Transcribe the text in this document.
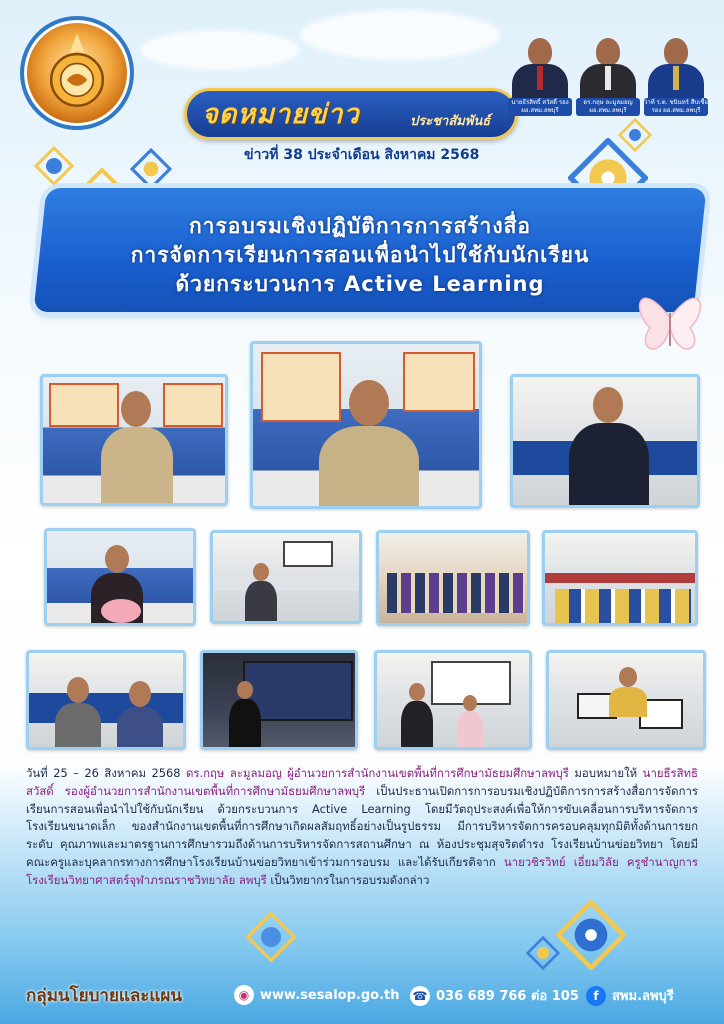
จดหมายข่าว	ประชาสัมพันธ์
ข่าวที่ 38 ประจำเดือน สิงหาคม 2568
นายธีรสิทธิ์ สวัสดิ์ รอง ผอ.สพม.ลพบุรี
ดร.กฤษ ละมูลมอญ ผอ.สพม.ลพบุรี
ว่าที่ ร.ต. ชนินทร์ สืบเชื้อ รอง ผอ.สพม.ลพบุรี
การอบรมเชิงปฏิบัติการการสร้างสื่อ
การจัดการเรียนการสอนเพื่อนำไปใช้กับนักเรียน
ด้วยกระบวนการ Active Learning
วันที่ 25 – 26 สิงหาคม 2568 ดร.กฤษ ละมูลมอญ ผู้อำนวยการสำนักงานเขตพื้นที่การศึกษามัธยมศึกษาลพบุรี มอบหมายให้ นายธีรสิทธิ สวัสดิ์ รองผู้อำนวยการสำนักงานเขตพื้นที่การศึกษามัธยมศึกษาลพบุรี เป็นประธานเปิดการการอบรมเชิงปฏิบัติการการสร้างสื่อการจัดการเรียนการสอนเพื่อนำไปใช้กับนักเรียน ด้วยกระบวนการ Active Learning โดยมีวัตถุประสงค์เพื่อให้การขับเคลื่อนการบริหารจัดการโรงเรียนขนาดเล็ก ของสำนักงานเขตพื้นที่การศึกษาเกิดผลสัมฤทธิ์อย่างเป็นรูปธรรม มีการบริหารจัดการครอบคลุมทุกมิติทั้งด้านการยกระดับ คุณภาพและมาตรฐานการศึกษารวมถึงด้านการบริหารจัดการสถานศึกษา ณ ห้องประชุมสุจริตดำรง โรงเรียนบ้านข่อยวิทยา โดยมีคณะครูและบุคลากรทางการศึกษาโรงเรียนบ้านข่อยวิทยาเข้าร่วมการอบรม และได้รับเกียรติจาก นายวชิรวิทย์ เอี่ยมวิลัย ครูชำนาญการ โรงเรียนวิทยาศาสตร์จุฬาภรณราชวิทยาลัย ลพบุรี เป็นวิทยากรในการอบรมดังกล่าว
กลุ่มนโยบายและแผน	◉ www.sesalop.go.th ☎ 036 689 766 ต่อ 105	f	สพม.ลพบุรี
